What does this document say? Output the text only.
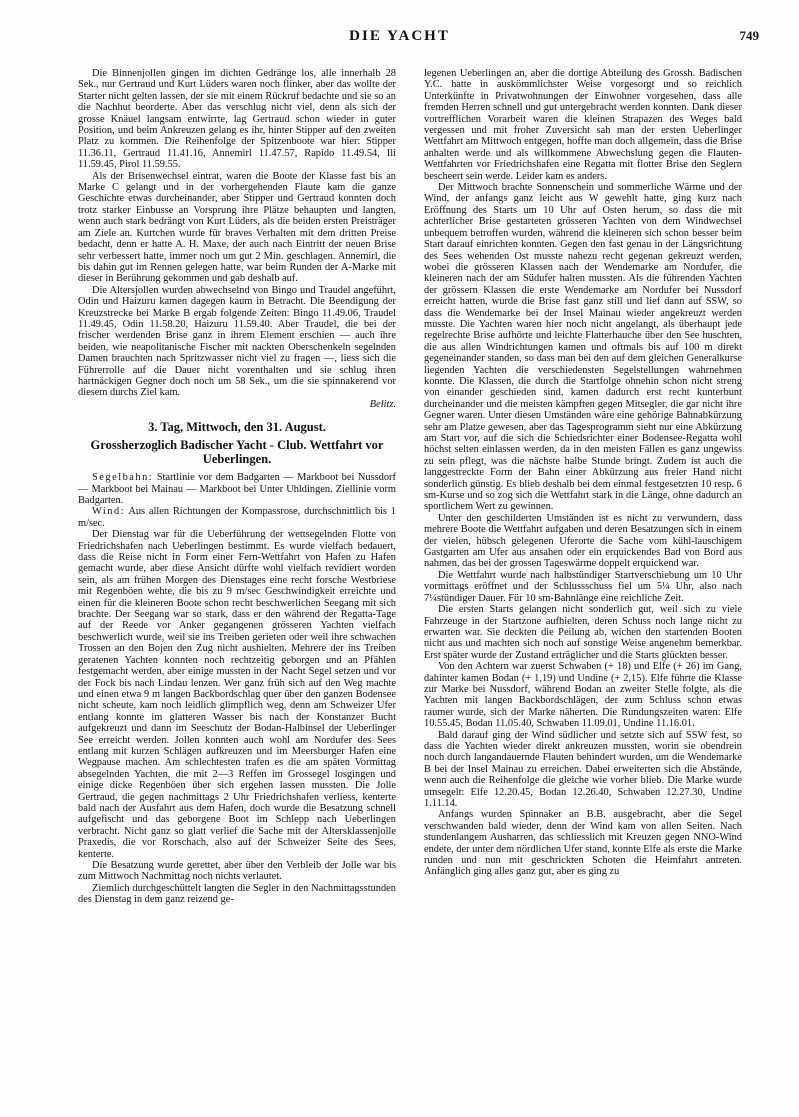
DIE YACHT	749

Die Binnenjollen gingen im dichten Gedränge los, alle innerhalb 28 Sek., nur Gertraud und Kurt Lüders waren noch flinker, aber das wollte der Starter nicht gelten lassen, der sie mit einem Rückruf bedachte und sie so an die Nachhut beorderte. Aber das verschlug nicht viel, denn als sich der grosse Knäuel langsam entwirrte, lag Gertraud schon wieder in guter Position, und beim Ankreuzen gelang es ihr, hinter Stipper auf den zweiten Platz zu kommen. Die Reihenfolge der Spitzenboote war hier: Stipper 11.36.11, Gertraud 11.41.16, Annemirl 11.47.57, Rapido 11.49.54, Ili 11.59.45, Pirol 11.59.55.

Als der Brisenwechsel eintrat, waren die Boote der Klasse fast bis an Marke C gelangt und in der vorhergehenden Flaute kam die ganze Geschichte etwas durcheinander, aber Stipper und Gertraud konnten doch trotz starker Einbusse an Vorsprung ihre Plätze behaupten und langten, wenn auch stark bedrängt von Kurt Lüders, als die beiden ersten Preisträger am Ziele an. Kurtchen wurde für braves Verhalten mit dem dritten Preise bedacht, denn er hatte A. H. Maxe, der auch nach Eintritt der neuen Brise sehr verbessert hatte, immer noch um gut 2 Min. geschlagen. Annemirl, die bis dahin gut im Rennen gelegen hatte, war beim Runden der A-Marke mit dieser in Berührung gekommen und gab deshalb auf.

Die Altersjollen wurden abwechselnd von Bingo und Traudel angeführt, Odin und Haizuru kamen dagegen kaum in Betracht. Die Beendigung der Kreuzstrecke bei Marke B ergab folgende Zeiten: Bingo 11.49.06, Traudel 11.49.45, Odin 11.58.20, Haizuru 11.59.40. Aber Traudel, die bei der frischer werdenden Brise ganz in ihrem Element erschien — auch ihre beiden, wie neapolitanische Fischer mit nackten Oberschenkeln segelnden Damen brauchten nach Spritzwasser nicht viel zu fragen —, liess sich die Führerrolle auf die Dauer nicht vorenthalten und sie schlug ihren hartnäckigen Gegner doch noch um 58 Sek., um die sie spinnakerend vor diesem durchs Ziel kam.

Belitz.
3. Tag, Mittwoch, den 31. August.
Grossherzoglich Badischer Yacht - Club. Wettfahrt vor Ueberlingen.

Segelbahn: Startlinie vor dem Badgarten — Markboot bei Nussdorf — Markboot bei Mainau — Markboot bei Unter Uhldingen. Ziellinie vorm Badgarten.

Wind: Aus allen Richtungen der Kompassrose, durchschnittlich bis 1 m/sec.

Der Dienstag war für die Ueberführung der wettsegelnden Flotte von Friedrichshafen nach Ueberlingen bestimmt. Es wurde vielfach bedauert, dass die Reise nicht in Form einer Fern-Wettfahrt von Hafen zu Hafen gemacht wurde, aber diese Ansicht dürfte wohl vielfach revidiert worden sein, als am frühen Morgen des Dienstages eine recht forsche Westbriese mit Regenböen wehte, die bis zu 9 m/sec Geschwindigkeit erreichte und einen für die kleineren Boote schon recht beschwerlichen Seegang mit sich brachte. Der Seegang war so stark, dass er den während der Regatta-Tage auf der Reede vor Anker gegangenen grösseren Yachten vielfach beschwerlich wurde, weil sie ins Treiben gerieten oder weil ihre schwachen Trossen an den Bojen den Zug nicht aushielten. Mehrere der ins Treiben geratenen Yachten konnten noch rechtzeitig geborgen und an Pfählen festgemacht werden, aber einige mussten in der Nacht Segel setzen und vor der Fock bis nach Lindau lenzen. Wer ganz früh sich auf den Weg machte und einen etwa 9 m langen Backbordschlag quer über den ganzen Bodensee nicht scheute, kam noch leidlich glimpflich weg, denn am Schweizer Ufer entlang konnte im glatteren Wasser bis nach der Konstanzer Bucht aufgekreuzt und dann im Seeschutz der Bodan-Halbinsel der Ueberlinger See erreicht werden. Jollen konnten auch wohl am Nordufer des Sees entlang mit kurzen Schlägen aufkreuzen und im Meersburger Hafen eine Wegpause machen. Am schlechtesten trafen es die am späten Vormittag absegelnden Yachten, die mit 2—3 Reffen im Grossegel losgingen und einige dicke Regenböen über sich ergehen lassen mussten. Die Jolle Gertraud, die gegen nachmittags 2 Uhr Friedrichshafen verliess, kenterte bald nach der Ausfahrt aus dem Hafen, doch wurde die Besatzung schnell aufgefischt und das geborgene Boot im Schlepp nach Ueberlingen verbracht. Nicht ganz so glatt verlief die Sache mit der Altersklassenjolle Praxedis, die vor Rorschach, also auf der Schweizer Seite des Sees, kenterte.

Die Besatzung wurde gerettet, aber über den Verbleib der Jolle war bis zum Mittwoch Nachmittag noch nichts verlautet.

Ziemlich durchgeschüttelt langten die Segler in den Nachmittagsstunden des Dienstag in dem ganz reizend ge-

legenen Ueberlingen an, aber die dortige Abteilung des Grossh. Badischen Y.C. hatte in auskömmlichster Weise vorgesorgt und so reichlich Unterkünfte in Privatwohnungen der Einwohner vorgesehen, dass alle fremden Herren schnell und gut untergebracht werden konnten. Dank dieser vortrefflichen Vorarbeit waren die kleinen Strapazen des Weges bald vergessen und mit froher Zuversicht sah man der ersten Ueberlinger Wettfahrt am Mittwoch entgegen, hoffte man doch allgemein, dass die Brise anhalten werde und als willkommene Abwechslung gegen die Flauten-Wettfahrten vor Friedrichshafen eine Regatta mit flotter Brise den Seglern bescheert sein werde. Leider kam es anders.

Der Mittwoch brachte Sonnenschein und sommerliche Wärme und der Wind, der anfangs ganz leicht aus W gewehlt hatte, ging kurz nach Eröffnung des Starts um 10 Uhr auf Osten herum, so dass die mit achterlicher Brise gestarteten grösseren Yachten von dem Windwechsel unbequem betroffen wurden, während die kleineren sich schon besser beim Start darauf einrichten konnten. Gegen den fast genau in der Längsrichtung des Sees wehenden Ost musste nahezu recht gegenan gekreuzt werden, wobei die grösseren Klassen nach der Wendemarke am Nordufer, die kleineren nach der am Südufer halten mussten. Als die führenden Yachten der grössern Klassen die erste Wendemarke am Nordufer bei Nussdorf erreicht hatten, wurde die Brise fast ganz still und lief dann auf SSW, so dass die Wendemarke bei der Insel Mainau wieder angekreuzt werden musste. Die Yachten waren hier noch nicht angelangt, als überhaupt jede regelrechte Brise aufhörte und leichte Flatterhauche über den See huschten, die aus allen Windrichtungen kamen und oftmals bis auf 100 m direkt gegeneinander standen, so dass man bei den auf dem gleichen Generalkurse liegenden Yachten die verschiedensten Segelstellungen wahrnehmen konnte. Die Klassen, die durch die Startfolge ohnehin schon nicht streng von einander geschieden sind, kamen dadurch erst recht kunterbunt durcheinander und die meisten kämpften gegen Mitsegler, die gar nicht ihre Gegner waren. Unter diesen Umständen wäre eine gehörige Bahnabkürzung sehr am Platze gewesen, aber das Tagesprogramm sieht nur eine Abkürzung am Start vor, auf die sich die Schiedsrichter einer Bodensee-Regatta wohl höchst selten einlassen werden, da in den meisten Fällen es ganz ungewiss zu sein pflegt, was die nächste halbe Stunde bringt. Zudem ist auch die langgestreckte Form der Bahn einer Abkürzung aus freier Hand nicht sonderlich günstig. Es blieb deshalb bei dem einmal festgesetzten 10 resp. 6 sm-Kurse und so zog sich die Wettfahrt stark in die Länge, ohne dadurch an sportlichem Wert zu gewinnen.

Unter den geschilderten Umständen ist es nicht zu verwundern, dass mehrere Boote die Wettfahrt aufgaben und deren Besatzungen sich in einem der vielen, hübsch gelegenen Uferorte die Sache vom kühl-lauschigem Gastgarten am Ufer aus ansahen oder ein erquickendes Bad von Bord aus nahmen, das bei der grossen Tageswärme doppelt erquickend war.

Die Wettfahrt wurde nach halbstündiger Startverschiebung um 10 Uhr vormittags eröffnet und der Schlussschuss fiel um 5¼ Uhr, also nach 7¼stündiger Dauer. Für 10 sm-Bahnlänge eine reichliche Zeit.

Die ersten Starts gelangen nicht sonderlich gut, weil sich zu viele Fahrzeuge in der Startzone aufhielten, deren Schuss noch lange nicht zu erwarten war. Sie deckten die Peilung ab, wichen den startenden Booten nicht aus und machten sich noch auf sonstige Weise angenehm bemerkbar. Erst später wurde der Zustand erträglicher und die Starts glückten besser.

Von den Achtern war zuerst Schwaben (+ 18) und Elfe (+ 26) im Gang, dahinter kamen Bodan (+ 1,19) und Undine (+ 2,15). Elfe führte die Klasse zur Marke bei Nussdorf, während Bodan an zweiter Stelle folgte, als die Yachten mit langen Backbordschlägen, der zum Schluss schon etwas raumer wurde, sich der Marke näherten. Die Rundungszeiten waren: Elfe 10.55.45, Bodan 11.05.40, Schwaben 11.09.01, Undine 11.16.01.

Bald darauf ging der Wind südlicher und setzte sich auf SSW fest, so dass die Yachten wieder direkt ankreuzen mussten, worin sie obendrein noch durch langandauernde Flauten behindert wurden, um die Wendemarke B bei der Insel Mainau zu erreichen. Dabei erweiterten sich die Abstände, wenn auch die Reihenfolge die gleiche wie vorher blieb. Die Marke wurde umsegelt: Elfe 12.20.45, Bodan 12.26.40, Schwaben 12.27.30, Undine 1.11.14.

Anfangs wurden Spinnaker an B.B. ausgebracht, aber die Segel verschwanden bald wieder, denn der Wind kam von allen Seiten. Nach stundenlangem Ausharren, das schliesslich mit Kreuzen gegen NNO-Wind endete, der unter dem nördlichen Ufer stand, konnte Elfe als erste die Marke runden und nun mit geschrickten Schoten die Heimfahrt antreten. Anfänglich ging alles ganz gut, aber es ging zu
